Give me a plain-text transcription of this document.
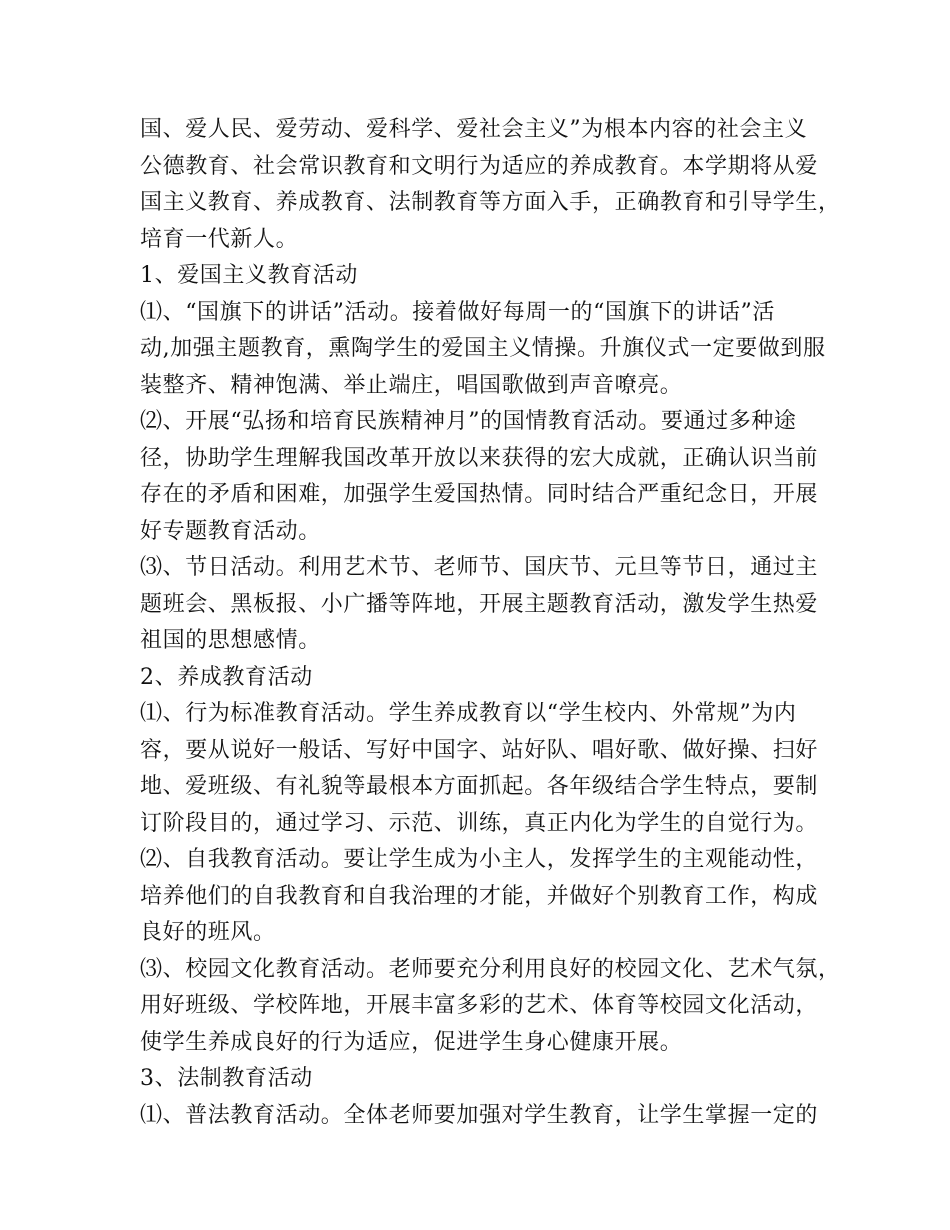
国、爱人民、爱劳动、爱科学、爱社会主义”为根本内容的社会主义
公德教育、社会常识教育和文明行为适应的养成教育。本学期将从爱
国主义教育、养成教育、法制教育等方面入手，正确教育和引导学生，
培育一代新人。
1、爱国主义教育活动
⑴、“国旗下的讲话”活动。接着做好每周一的“国旗下的讲话”活
动,加强主题教育，熏陶学生的爱国主义情操。升旗仪式一定要做到服
装整齐、精神饱满、举止端庄，唱国歌做到声音嘹亮。
⑵、开展“弘扬和培育民族精神月”的国情教育活动。要通过多种途
径，协助学生理解我国改革开放以来获得的宏大成就，正确认识当前
存在的矛盾和困难，加强学生爱国热情。同时结合严重纪念日，开展
好专题教育活动。
⑶、节日活动。利用艺术节、老师节、国庆节、元旦等节日，通过主
题班会、黑板报、小广播等阵地，开展主题教育活动，激发学生热爱
祖国的思想感情。
2、养成教育活动
⑴、行为标准教育活动。学生养成教育以“学生校内、外常规”为内
容，要从说好一般话、写好中国字、站好队、唱好歌、做好操、扫好
地、爱班级、有礼貌等最根本方面抓起。各年级结合学生特点，要制
订阶段目的，通过学习、示范、训练，真正内化为学生的自觉行为。
⑵、自我教育活动。要让学生成为小主人，发挥学生的主观能动性，
培养他们的自我教育和自我治理的才能，并做好个别教育工作，构成
良好的班风。
⑶、校园文化教育活动。老师要充分利用良好的校园文化、艺术气氛，
用好班级、学校阵地，开展丰富多彩的艺术、体育等校园文化活动，
使学生养成良好的行为适应，促进学生身心健康开展。
3、法制教育活动
⑴、普法教育活动。全体老师要加强对学生教育，让学生掌握一定的
